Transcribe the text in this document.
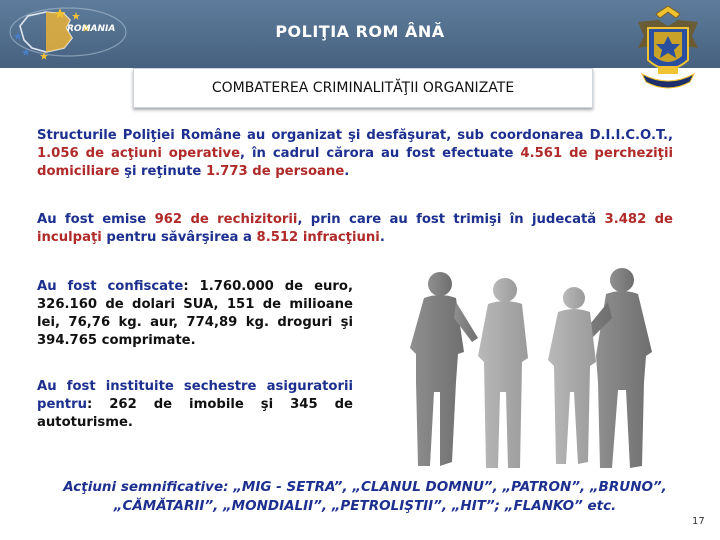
ROMANIA	POLIŢIA ROM ÂNĂ
COMBATEREA CRIMINALITĂŢII ORGANIZATE
Structurile Poliţiei Române au organizat şi desfăşurat, sub coordonarea D.I.I.C.O.T., 1.056 de acţiuni operative, în cadrul cărora au fost efectuate 4.561 de percheziţii domiciliare şi reţinute 1.773 de persoane.
Au fost emise 962 de rechizitorii, prin care au fost trimişi în judecată 3.482 de inculpaţi pentru săvârşirea a 8.512 infracţiuni.
Au fost confiscate: 1.760.000 de euro, 326.160 de dolari SUA, 151 de milioane lei, 76,76 kg. aur, 774,89 kg. droguri şi 394.765 comprimate.
Au fost instituite sechestre asiguratorii pentru: 262 de imobile şi 345 de autoturisme.
Acţiuni semnificative: „MIG - SETRA”, „CLANUL DOMNU”, „PATRON”, „BRUNO”, „CĂMĂTARII”, „MONDIALII”, „PETROLIŞTII”, „HIT”; „FLANKO” etc.
17
